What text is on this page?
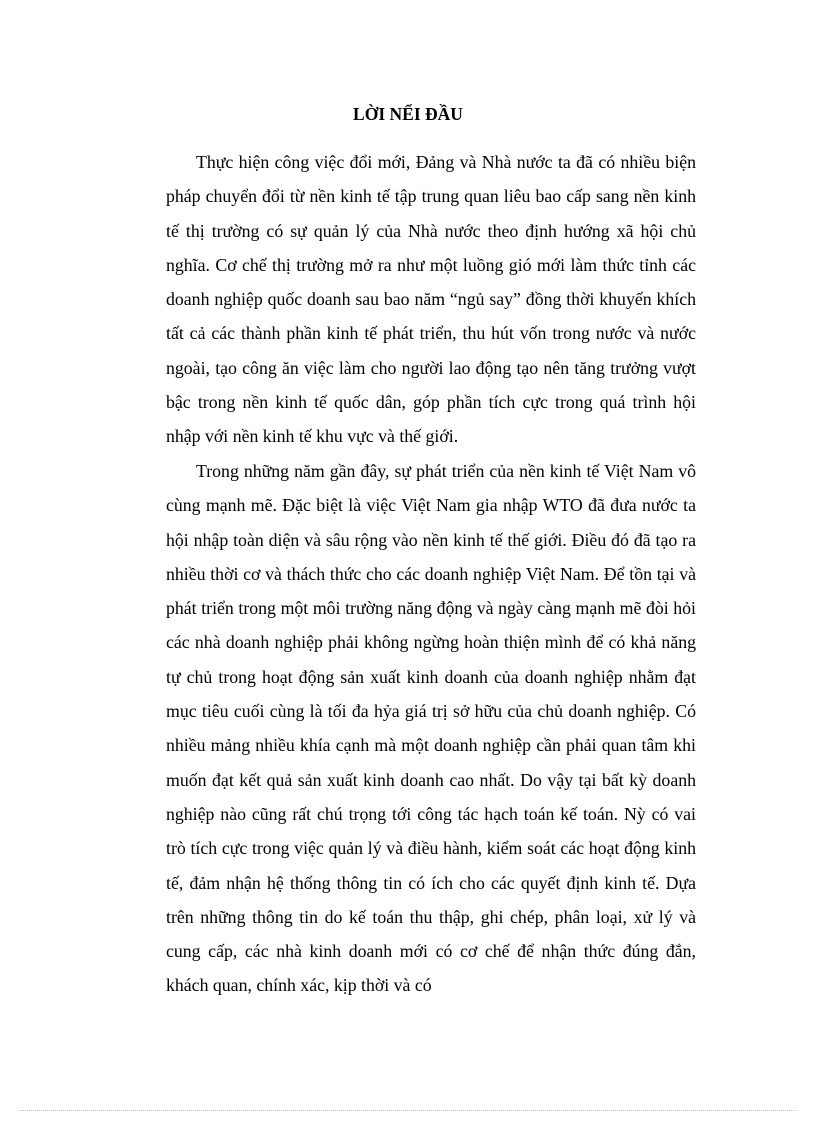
LỜI NỂI ĐẦU

Thực hiện công việc đổi mới, Đảng và Nhà nước ta đã có nhiều biện pháp chuyển đổi từ nền kinh tế tập trung quan liêu bao cấp sang nền kinh tế thị trường có sự quản lý của Nhà nước theo định hướng xã hội chủ nghĩa. Cơ chế thị trường mở ra như một luồng gió mới làm thức tỉnh các doanh nghiệp quốc doanh sau bao năm “ngủ say” đồng thời khuyến khích tất cả các thành phần kinh tế phát triển, thu hút vốn trong nước và nước ngoài, tạo công ăn việc làm cho người lao động tạo nên tăng trưởng vượt bậc trong nền kinh tế quốc dân, góp phần tích cực trong quá trình hội nhập với nền kinh tế khu vực và thế giới.

Trong những năm gần đây, sự phát triển của nền kinh tế Việt Nam vô cùng mạnh mẽ. Đặc biệt là việc Việt Nam gia nhập WTO đã đưa nước ta hội nhập toàn diện và sâu rộng vào nền kinh tế thế giới. Điều đó đã tạo ra nhiều thời cơ và thách thức cho các doanh nghiệp Việt Nam. Để tồn tại và phát triển trong một môi trường năng động và ngày càng mạnh mẽ đòi hỏi các nhà doanh nghiệp phải không ngừng hoàn thiện mình để có khả năng tự chủ trong hoạt động sản xuất kinh doanh của doanh nghiệp nhằm đạt mục tiêu cuối cùng là tối đa hỷa giá trị sở hữu của chủ doanh nghiệp. Có nhiều mảng nhiều khía cạnh mà một doanh nghiệp cần phải quan tâm khi muốn đạt kết quả sản xuất kinh doanh cao nhất. Do vậy tại bất kỳ doanh nghiệp nào cũng rất chú trọng tới công tác hạch toán kế toán. Nỳ có vai trò tích cực trong việc quản lý và điều hành, kiểm soát các hoạt động kinh tế, đảm nhận hệ thống thông tin có ích cho các quyết định kinh tế. Dựa trên những thông tin do kế toán thu thập, ghi chép, phân loại, xử lý và cung cấp, các nhà kinh doanh mới có cơ chế để nhận thức đúng đắn, khách quan, chính xác, kịp thời và có
